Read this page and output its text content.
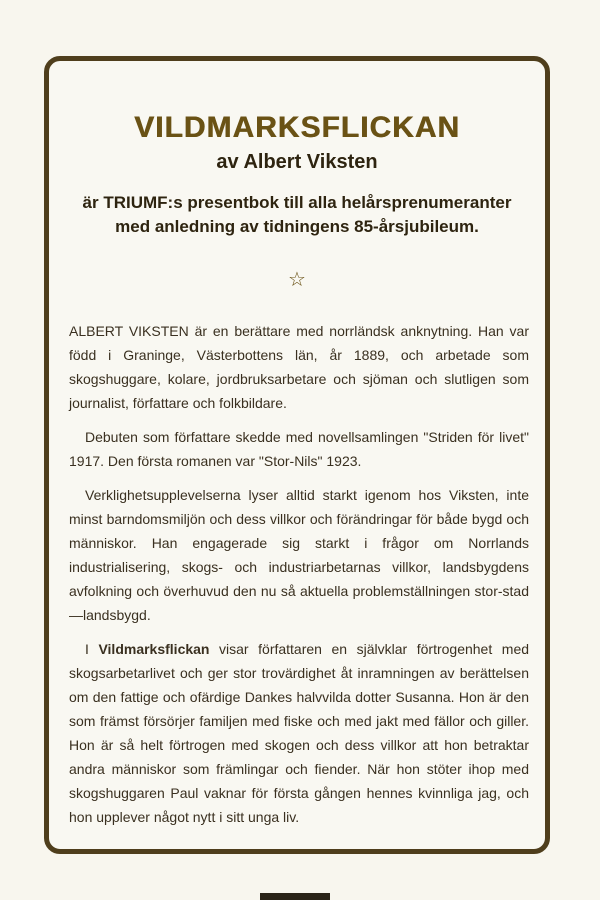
VILDMARKSFLICKAN
av Albert Viksten
är TRIUMF:s presentbok till alla helårsprenumeranter med anledning av tidningens 85-årsjubileum.
☆

ALBERT VIKSTEN är en berättare med norrländsk anknytning. Han var född i Graninge, Västerbottens län, år 1889, och arbetade som skogshuggare, kolare, jordbruksarbetare och sjöman och slutligen som journalist, författare och folkbildare.

Debuten som författare skedde med novellsamlingen "Striden för livet" 1917. Den första romanen var "Stor-Nils" 1923.

Verklighetsupplevelserna lyser alltid starkt igenom hos Viksten, inte minst barndomsmiljön och dess villkor och förändringar för både bygd och människor. Han engagerade sig starkt i frågor om Norrlands industrialisering, skogs- och industriarbetarnas villkor, landsbygdens avfolkning och överhuvud den nu så aktuella problemställningen stor-stad—landsbygd.

I Vildmarksflickan visar författaren en självklar förtrogenhet med skogsarbetarlivet och ger stor trovärdighet åt inramningen av berättelsen om den fattige och ofärdige Dankes halvvilda dotter Susanna. Hon är den som främst försörjer familjen med fiske och med jakt med fällor och giller. Hon är så helt förtrogen med skogen och dess villkor att hon betraktar andra människor som främlingar och fiender. När hon stöter ihop med skogshuggaren Paul vaknar för första gången hennes kvinnliga jag, och hon upplever något nytt i sitt unga liv.
